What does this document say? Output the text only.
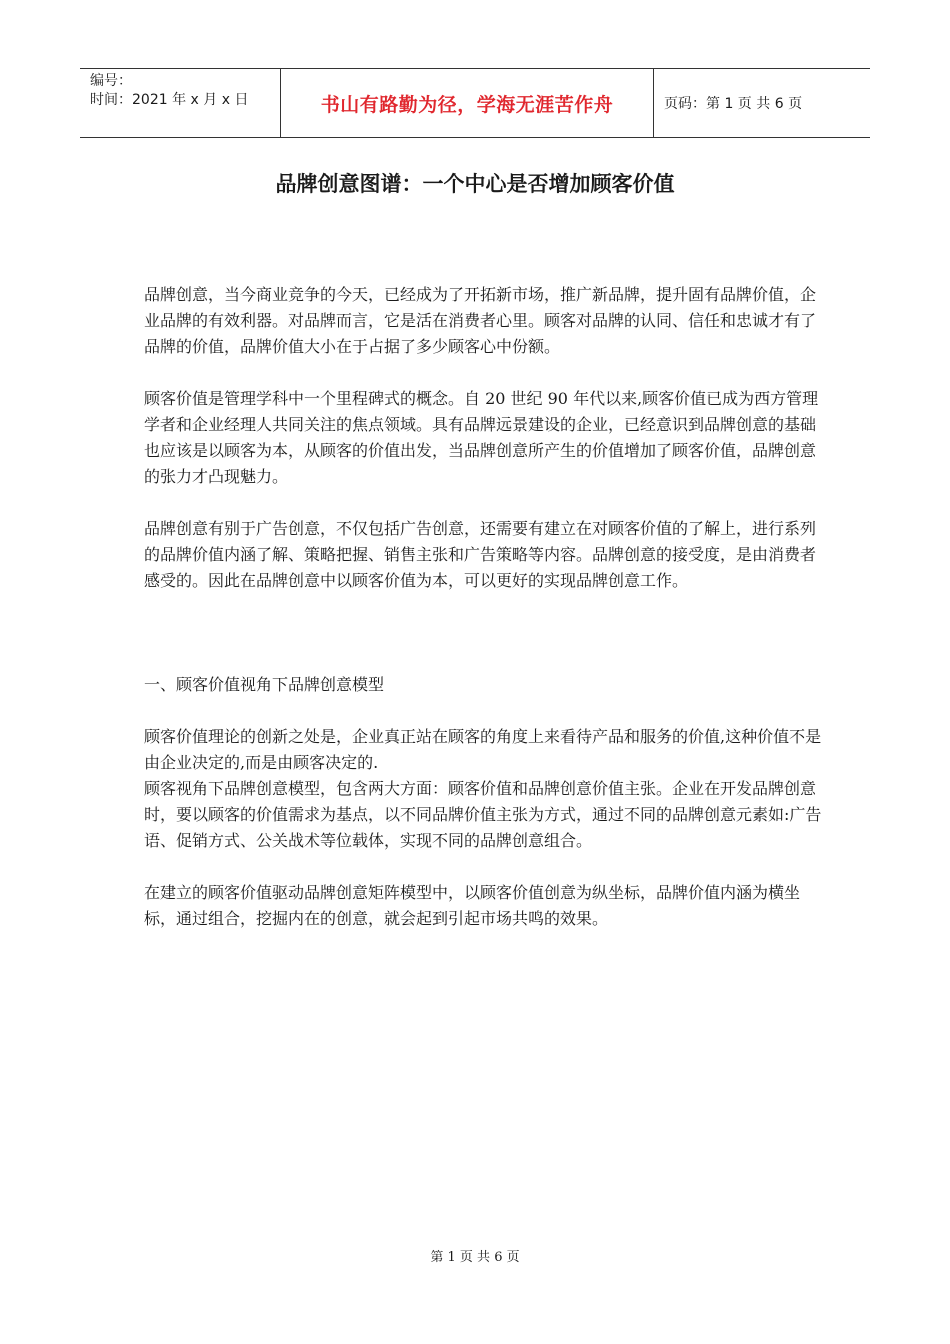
编号：
时间：2021 年 x 月 x 日	书山有路勤为径，学海无涯苦作舟	页码：第 1 页 共 6 页
品牌创意图谱：一个中心是否增加顾客价值

品牌创意，当今商业竞争的今天，已经成为了开拓新市场，推广新品牌，提升固有品牌价值，企业品牌的有效利器。对品牌而言，它是活在消费者心里。顾客对品牌的认同、信任和忠诚才有了品牌的价值，品牌价值大小在于占据了多少顾客心中份额。

顾客价值是管理学科中一个里程碑式的概念。自 20 世纪 90 年代以来,顾客价值已成为西方管理学者和企业经理人共同关注的焦点领域。具有品牌远景建设的企业，已经意识到品牌创意的基础也应该是以顾客为本，从顾客的价值出发，当品牌创意所产生的价值增加了顾客价值，品牌创意的张力才凸现魅力。

品牌创意有别于广告创意，不仅包括广告创意，还需要有建立在对顾客价值的了解上，进行系列的品牌价值内涵了解、策略把握、销售主张和广告策略等内容。品牌创意的接受度，是由消费者感受的。因此在品牌创意中以顾客价值为本，可以更好的实现品牌创意工作。

一、顾客价值视角下品牌创意模型

顾客价值理论的创新之处是，企业真正站在顾客的角度上来看待产品和服务的价值,这种价值不是由企业决定的,而是由顾客决定的.

顾客视角下品牌创意模型，包含两大方面：顾客价值和品牌创意价值主张。企业在开发品牌创意时，要以顾客的价值需求为基点，以不同品牌价值主张为方式，通过不同的品牌创意元素如:广告语、促销方式、公关战术等位载体，实现不同的品牌创意组合。

在建立的顾客价值驱动品牌创意矩阵模型中，以顾客价值创意为纵坐标，品牌价值内涵为横坐标，通过组合，挖掘内在的创意，就会起到引起市场共鸣的效果。

第 1 页 共 6 页
